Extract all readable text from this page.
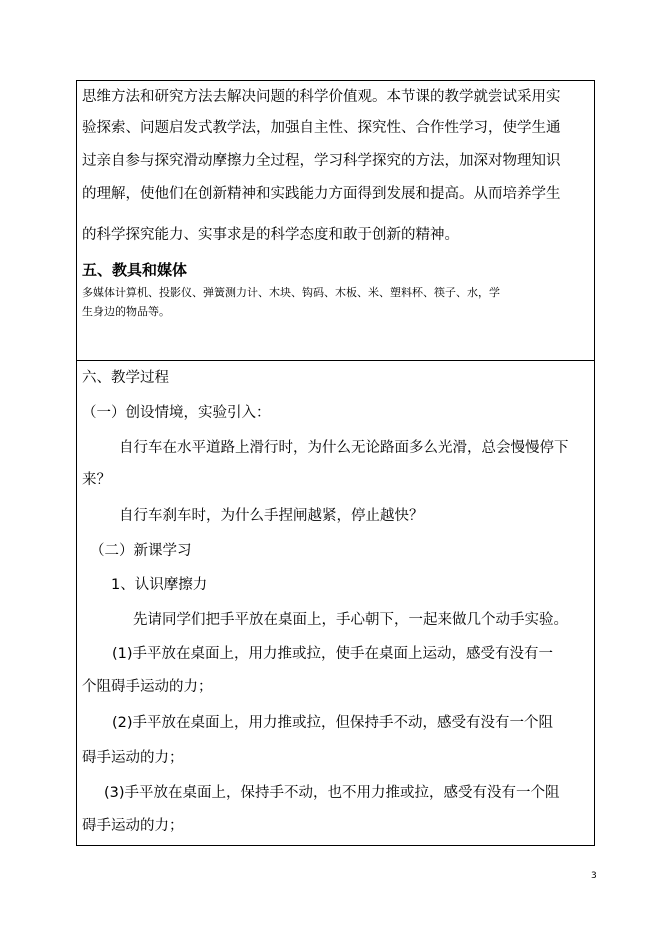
思维方法和研究方法去解决问题的科学价值观。本节课的教学就尝试采用实
验探索、问题启发式教学法，加强自主性、探究性、合作性学习，使学生通
过亲自参与探究滑动摩擦力全过程，学习科学探究的方法，加深对物理知识
的理解，使他们在创新精神和实践能力方面得到发展和提高。从而培养学生
的科学探究能力、实事求是的科学态度和敢于创新的精神。
五、教具和媒体
多媒体计算机、投影仪、弹簧测力计、木块、钩码、木板、米、塑料杯、筷子、水，学
生身边的物品等。
六、教学过程
（一）创设情境，实验引入：
自行车在水平道路上滑行时，为什么无论路面多么光滑，总会慢慢停下
来？
自行车刹车时，为什么手捏闸越紧，停止越快？
（二）新课学习
1、认识摩擦力
先请同学们把手平放在桌面上，手心朝下，一起来做几个动手实验。
(1)手平放在桌面上，用力推或拉，使手在桌面上运动，感受有没有一
个阻碍手运动的力；
(2)手平放在桌面上，用力推或拉，但保持手不动，感受有没有一个阻
碍手运动的力；
(3)手平放在桌面上，保持手不动，也不用力推或拉，感受有没有一个阻
碍手运动的力；
3
